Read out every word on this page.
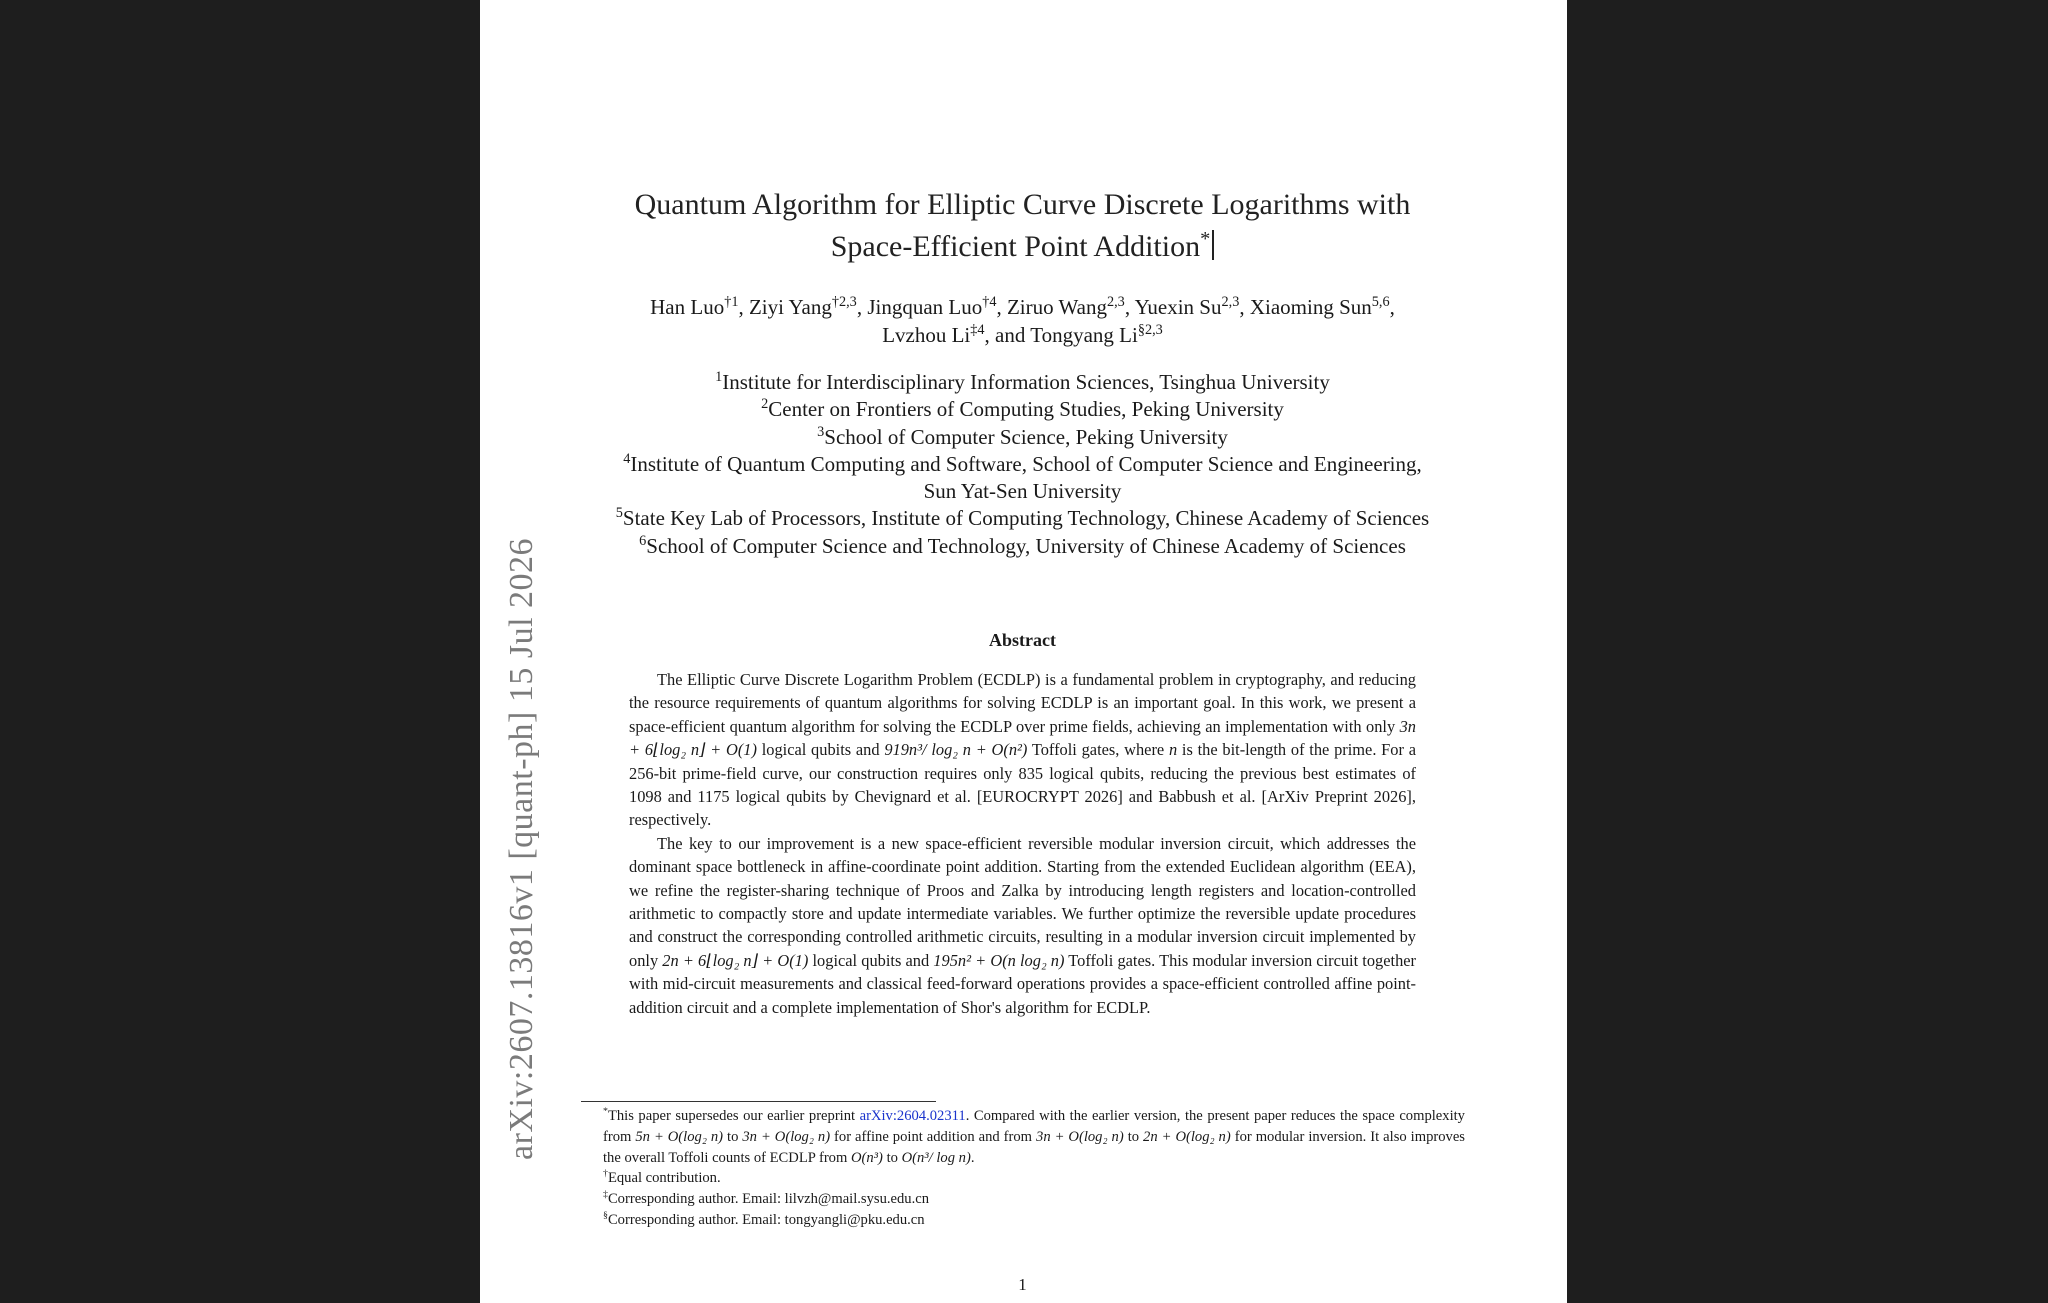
arXiv:2607.13816v1 [quant-ph] 15 Jul 2026
Quantum Algorithm for Elliptic Curve Discrete Logarithms with
Space-Efficient Point Addition*
Han Luo$^{\dagger 1}$, Ziyi Yang$^{\dagger 2,3}$, Jingquan Luo$^{\dagger 4}$, Ziruo Wang$^{2,3}$, Yuexin Su$^{2,3}$, Xiaoming Sun$^{5,6}$,
Lvzhou Li$^{\ddagger 4}$, and Tongyang Li$^{\S 2,3}$
$^1$Institute for Interdisciplinary Information Sciences, Tsinghua University
$^2$Center on Frontiers of Computing Studies, Peking University
$^3$School of Computer Science, Peking University
$^4$Institute of Quantum Computing and Software, School of Computer Science and Engineering,
Sun Yat-Sen University
$^5$State Key Lab of Processors, Institute of Computing Technology, Chinese Academy of Sciences
$^6$School of Computer Science and Technology, University of Chinese Academy of Sciences
Abstract

The Elliptic Curve Discrete Logarithm Problem (ECDLP) is a fundamental problem in cryptography, and reducing the resource requirements of quantum algorithms for solving ECDLP is an important goal. In this work, we present a space-efficient quantum algorithm for solving the ECDLP over prime fields, achieving an implementation with only 3n + 6⌊log₂ n⌋ + O(1) logical qubits and 919n³/ log₂ n + O(n²) Toffoli gates, where n is the bit-length of the prime. For a 256-bit prime-field curve, our construction requires only 835 logical qubits, reducing the previous best estimates of 1098 and 1175 logical qubits by Chevignard et al. [EUROCRYPT 2026] and Babbush et al. [ArXiv Preprint 2026], respectively.

The key to our improvement is a new space-efficient reversible modular inversion circuit, which addresses the dominant space bottleneck in affine-coordinate point addition. Starting from the extended Euclidean algorithm (EEA), we refine the register-sharing technique of Proos and Zalka by introducing length registers and location-controlled arithmetic to compactly store and update intermediate variables. We further optimize the reversible update procedures and construct the corresponding controlled arithmetic circuits, resulting in a modular inversion circuit implemented by only 2n + 6⌊log₂ n⌋ + O(1) logical qubits and 195n² + O(n log₂ n) Toffoli gates. This modular inversion circuit together with mid-circuit measurements and classical feed-forward operations provides a space-efficient controlled affine point-addition circuit and a complete implementation of Shor's algorithm for ECDLP.

*This paper supersedes our earlier preprint arXiv:2604.02311. Compared with the earlier version, the present paper reduces the space complexity from 5n + O(log₂ n) to 3n + O(log₂ n) for affine point addition and from 3n + O(log₂ n) to 2n + O(log₂ n) for modular inversion. It also improves the overall Toffoli counts of ECDLP from O(n³) to O(n³/ log n).

†Equal contribution.

‡Corresponding author. Email: lilvzh@mail.sysu.edu.cn

§Corresponding author. Email: tongyangli@pku.edu.cn

1
